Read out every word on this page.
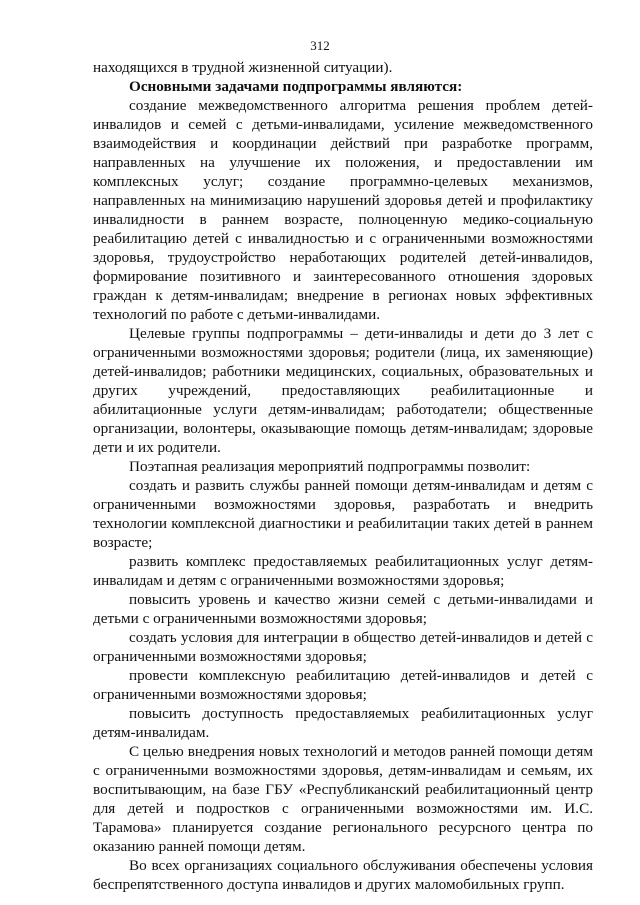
312

находящихся в трудной жизненной ситуации).

Основными задачами подпрограммы являются:

создание межведомственного алгоритма решения проблем детей-инвалидов и семей с детьми-инвалидами, усиление межведомственного взаимодействия и координации действий при разработке программ, направленных на улучшение их положения, и предоставлении им комплексных услуг; создание программно-целевых механизмов, направленных на минимизацию нарушений здоровья детей и профилактику инвалидности в раннем возрасте, полноценную медико-социальную реабилитацию детей с инвалидностью и с ограниченными возможностями здоровья, трудоустройство неработающих родителей детей-инвалидов, формирование позитивного и заинтересованного отношения здоровых граждан к детям-инвалидам; внедрение в регионах новых эффективных технологий по работе с детьми-инвалидами.

Целевые группы подпрограммы – дети-инвалиды и дети до 3 лет с ограниченными возможностями здоровья; родители (лица, их заменяющие) детей-инвалидов; работники медицинских, социальных, образовательных и других учреждений, предоставляющих реабилитационные и абилитационные услуги детям-инвалидам; работодатели; общественные организации, волонтеры, оказывающие помощь детям-инвалидам; здоровые дети и их родители.

Поэтапная реализация мероприятий подпрограммы позволит:

создать и развить службы ранней помощи детям-инвалидам и детям с ограниченными возможностями здоровья, разработать и внедрить технологии комплексной диагностики и реабилитации таких детей в раннем возрасте;

развить комплекс предоставляемых реабилитационных услуг детям-инвалидам и детям с ограниченными возможностями здоровья;

повысить уровень и качество жизни семей с детьми-инвалидами и детьми с ограниченными возможностями здоровья;

создать условия для интеграции в общество детей-инвалидов и детей с ограниченными возможностями здоровья;

провести комплексную реабилитацию детей-инвалидов и детей с ограниченными возможностями здоровья;

повысить доступность предоставляемых реабилитационных услуг детям-инвалидам.

С целью внедрения новых технологий и методов ранней помощи детям с ограниченными возможностями здоровья, детям-инвалидам и семьям, их воспитывающим, на базе ГБУ «Республиканский реабилитационный центр для детей и подростков с ограниченными возможностями им. И.С. Тарамова» планируется создание регионального ресурсного центра по оказанию ранней помощи детям.

Во всех организациях социального обслуживания обеспечены условия беспрепятственного доступа инвалидов и других маломобильных групп.
